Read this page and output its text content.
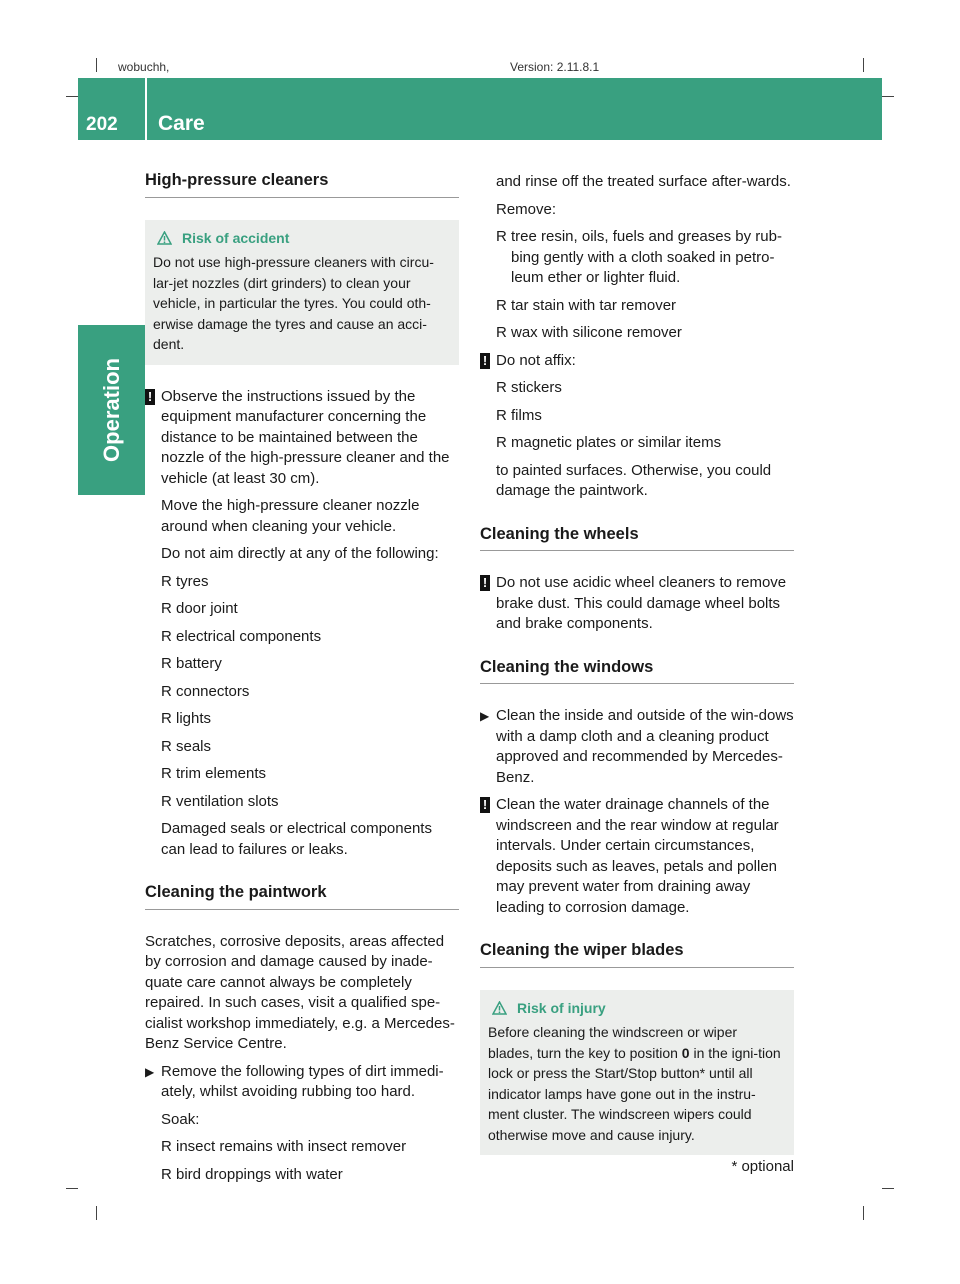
wobuchh,	Version: 2.11.8.1
202 Care
Operation
High-pressure cleaners
Risk of accident
Do not use high-pressure cleaners with circu-lar-jet nozzles (dirt grinders) to clean your vehicle, in particular the tyres. You could oth-erwise damage the tyres and cause an acci-dent.
! Observe the instructions issued by the equipment manufacturer concerning the distance to be maintained between the nozzle of the high-pressure cleaner and the vehicle (at least 30 cm).

Move the high-pressure cleaner nozzle around when cleaning your vehicle.

Do not aim directly at any of the following:

R tyres
R door joint
R electrical components
R battery
R connectors
R lights
R seals
R trim elements
R ventilation slots

Damaged seals or electrical components can lead to failures or leaks.

Cleaning the paintwork

Scratches, corrosive deposits, areas affected by corrosion and damage caused by inade-quate care cannot always be completely repaired. In such cases, visit a qualified spe-cialist workshop immediately, e.g. a Mercedes-Benz Service Centre.

▶ Remove the following types of dirt immedi-ately, whilst avoiding rubbing too hard.

Soak:

R insect remains with insect remover
R bird droppings with water

and rinse off the treated surface after-wards.

Remove:

R tree resin, oils, fuels and greases by rub-bing gently with a cloth soaked in petro-leum ether or lighter fluid.
R tar stain with tar remover
R wax with silicone remover
! Do not affix:

R stickers
R films
R magnetic plates or similar items

to painted surfaces. Otherwise, you could damage the paintwork.

Cleaning the wheels
! Do not use acidic wheel cleaners to remove brake dust. This could damage wheel bolts and brake components.

Cleaning the windows
▶ Clean the inside and outside of the win-dows with a damp cloth and a cleaning product approved and recommended by Mercedes-Benz.

! Clean the water drainage channels of the windscreen and the rear window at regular intervals. Under certain circumstances, deposits such as leaves, petals and pollen may prevent water from draining away leading to corrosion damage.

Cleaning the wiper blades
Risk of injury
Before cleaning the windscreen or wiper blades, turn the key to position 0 in the igni-tion lock or press the Start/Stop button* until all indicator lamps have gone out in the instru-ment cluster. The windscreen wipers could otherwise move and cause injury.
* optional
